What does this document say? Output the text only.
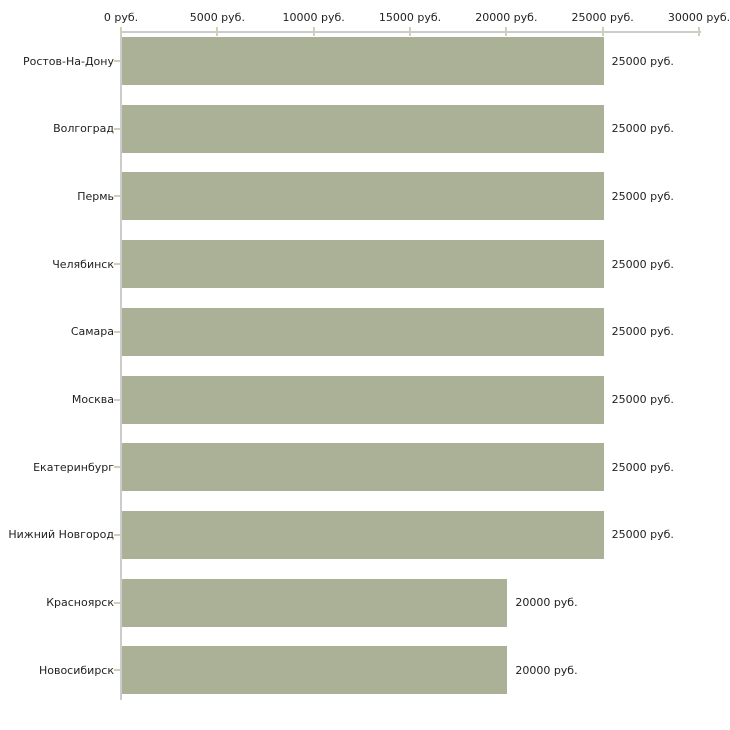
0 руб.	5000 руб.	10000 руб.	15000 руб.	20000 руб.	25000 руб.	30000 руб.
Ростов-На-Дону	25000 руб.
Волгоград	25000 руб.
Пермь	25000 руб.
Челябинск	25000 руб.
Самара	25000 руб.
Москва	25000 руб.
Екатеринбург	25000 руб.
Нижний Новгород	25000 руб.
Красноярск	20000 руб.
Новосибирск	20000 руб.
